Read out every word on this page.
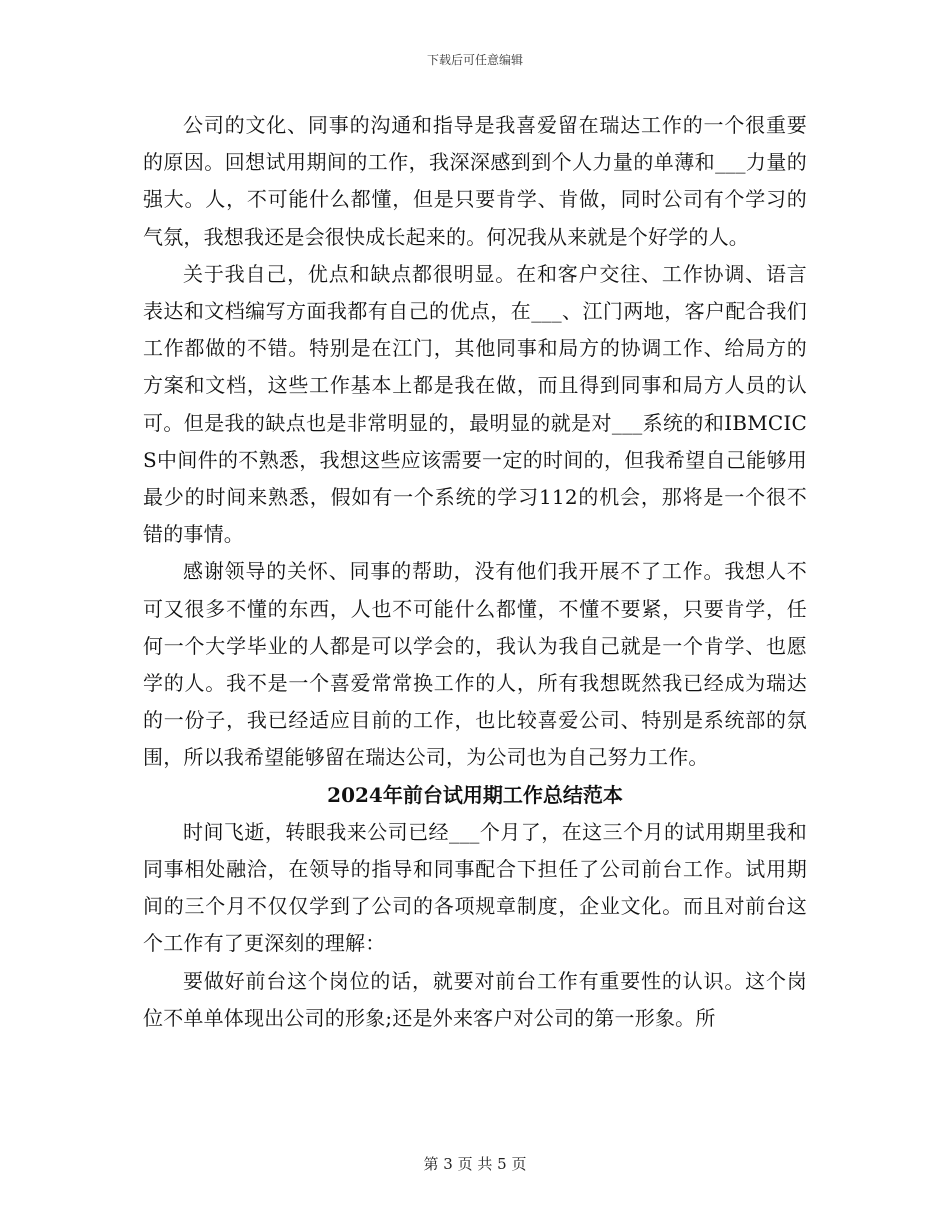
下载后可任意编辑

公司的文化、同事的沟通和指导是我喜爱留在瑞达工作的一个很重要的原因。回想试用期间的工作，我深深感到到个人力量的单薄和___力量的强大。人，不可能什么都懂，但是只要肯学、肯做，同时公司有个学习的气氛，我想我还是会很快成长起来的。何况我从来就是个好学的人。

关于我自己，优点和缺点都很明显。在和客户交往、工作协调、语言表达和文档编写方面我都有自己的优点，在___、江门两地，客户配合我们工作都做的不错。特别是在江门，其他同事和局方的协调工作、给局方的方案和文档，这些工作基本上都是我在做，而且得到同事和局方人员的认可。但是我的缺点也是非常明显的，最明显的就是对___系统的和IBMCICS中间件的不熟悉，我想这些应该需要一定的时间的，但我希望自己能够用最少的时间来熟悉，假如有一个系统的学习112的机会，那将是一个很不错的事情。

感谢领导的关怀、同事的帮助，没有他们我开展不了工作。我想人不可又很多不懂的东西，人也不可能什么都懂，不懂不要紧，只要肯学，任何一个大学毕业的人都是可以学会的，我认为我自己就是一个肯学、也愿学的人。我不是一个喜爱常常换工作的人，所有我想既然我已经成为瑞达的一份子，我已经适应目前的工作，也比较喜爱公司、特别是系统部的氛围，所以我希望能够留在瑞达公司，为公司也为自己努力工作。

2024年前台试用期工作总结范本

时间飞逝，转眼我来公司已经___个月了，在这三个月的试用期里我和同事相处融洽，在领导的指导和同事配合下担任了公司前台工作。试用期间的三个月不仅仅学到了公司的各项规章制度，企业文化。而且对前台这个工作有了更深刻的理解：

要做好前台这个岗位的话，就要对前台工作有重要性的认识。这个岗位不单单体现出公司的形象;还是外来客户对公司的第一形象。所

第 3 页 共 5 页
